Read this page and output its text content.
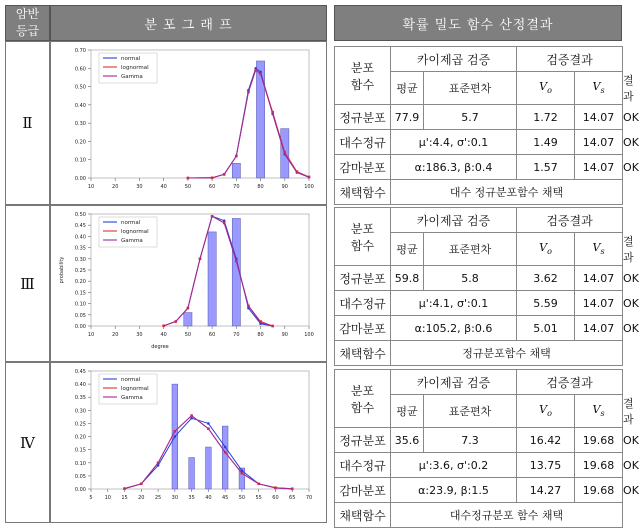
암반
등급	분 포 그 래 프	확률 밀도 함수 산정결과
Ⅱ
Ⅲ
Ⅳ
0.00
0.10
0.20
0.30
0.40
0.50
0.60
0.70
10	20	30	40	50	60	70	80	90	100
normal
lognormal
Gamma
0.00
0.05
0.10
0.15
0.20
0.25
0.30
0.35
0.40
0.45
0.50
10	20	30	40	50	60	70	80	90	100
normal
lognormal
Gamma
probability
degree
0.00
0.05
0.10
0.15
0.20
0.25
0.30
0.35
0.40
0.45
5 10 15 20 25 30 35 40 45 50 55 60 65 70
normal
lognormal
Gamma
분포
함수	카이제곱 검증		검증결과		
	평균	표준편차	$V_o$	$V_s$	결과
정규분포	77.9	5.7	1.72	14.07	OK
대수정규	μ':4.4, σ':0.1		1.49	14.07	OK
감마분포	α:186.3, β:0.4		1.57	14.07	OK
채택함수	대수 정규분포함수 채택				
분포
함수	카이제곱 검증		검증결과		
	평균	표준편차	$V_o$	$V_s$	결과
정규분포	59.8	5.8	3.62	14.07	OK
대수정규	μ':4.1, σ':0.1		5.59	14.07	OK
감마분포	α:105.2, β:0.6		5.01	14.07	OK
채택함수	정규분포함수 채택				
분포
함수	카이제곱 검증		검증결과		
	평균	표준편차	$V_o$	$V_s$	결과
정규분포	35.6	7.3	16.42	19.68	OK
대수정규	μ':3.6, σ':0.2		13.75	19.68	OK
감마분포	α:23.9, β:1.5		14.27	19.68	OK
채택함수	대수정규분포 함수 채택				
